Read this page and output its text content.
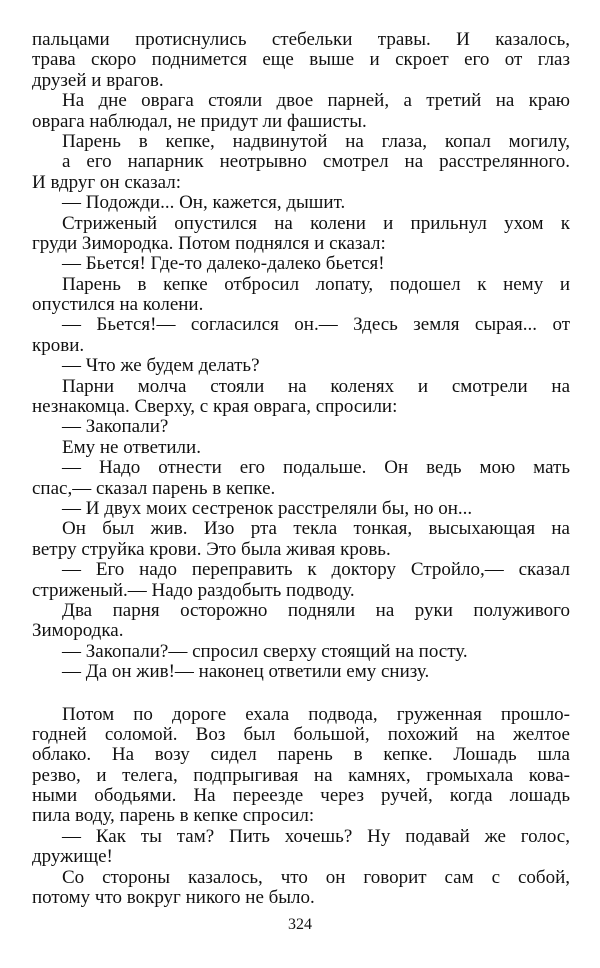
пальцами протиснулись стебельки травы. И казалось,
трава скоро поднимется еще выше и скроет его от глаз
друзей и врагов.
На дне оврага стояли двое парней, а третий на краю
оврага наблюдал, не придут ли фашисты.
Парень в кепке, надвинутой на глаза, копал могилу,
а его напарник неотрывно смотрел на расстрелянного.
И вдруг он сказал:
— Подожди... Он, кажется, дышит.
Стриженый опустился на колени и прильнул ухом к
груди Зимородка. Потом поднялся и сказал:
— Бьется! Где-то далеко-далеко бьется!
Парень в кепке отбросил лопату, подошел к нему и
опустился на колени.
— Бьется!— согласился он.— Здесь земля сырая... от
крови.
— Что же будем делать?
Парни молча стояли на коленях и смотрели на
незнакомца. Сверху, с края оврага, спросили:
— Закопали?
Ему не ответили.
— Надо отнести его подальше. Он ведь мою мать
спас,— сказал парень в кепке.
— И двух моих сестренок расстреляли бы, но он...
Он был жив. Изо рта текла тонкая, высыхающая на
ветру струйка крови. Это была живая кровь.
— Его надо переправить к доктору Стройло,— сказал
стриженый.— Надо раздобыть подводу.
Два парня осторожно подняли на руки полуживого
Зимородка.
— Закопали?— спросил сверху стоящий на посту.
— Да он жив!— наконец ответили ему снизу.
Потом по дороге ехала подвода, груженная прошло-
годней соломой. Воз был большой, похожий на желтое
облако. На возу сидел парень в кепке. Лошадь шла
резво, и телега, подпрыгивая на камнях, громыхала кова-
ными ободьями. На переезде через ручей, когда лошадь
пила воду, парень в кепке спросил:
— Как ты там? Пить хочешь? Ну подавай же голос,
дружище!
Со стороны казалось, что он говорит сам с собой,
потому что вокруг никого не было.
324
